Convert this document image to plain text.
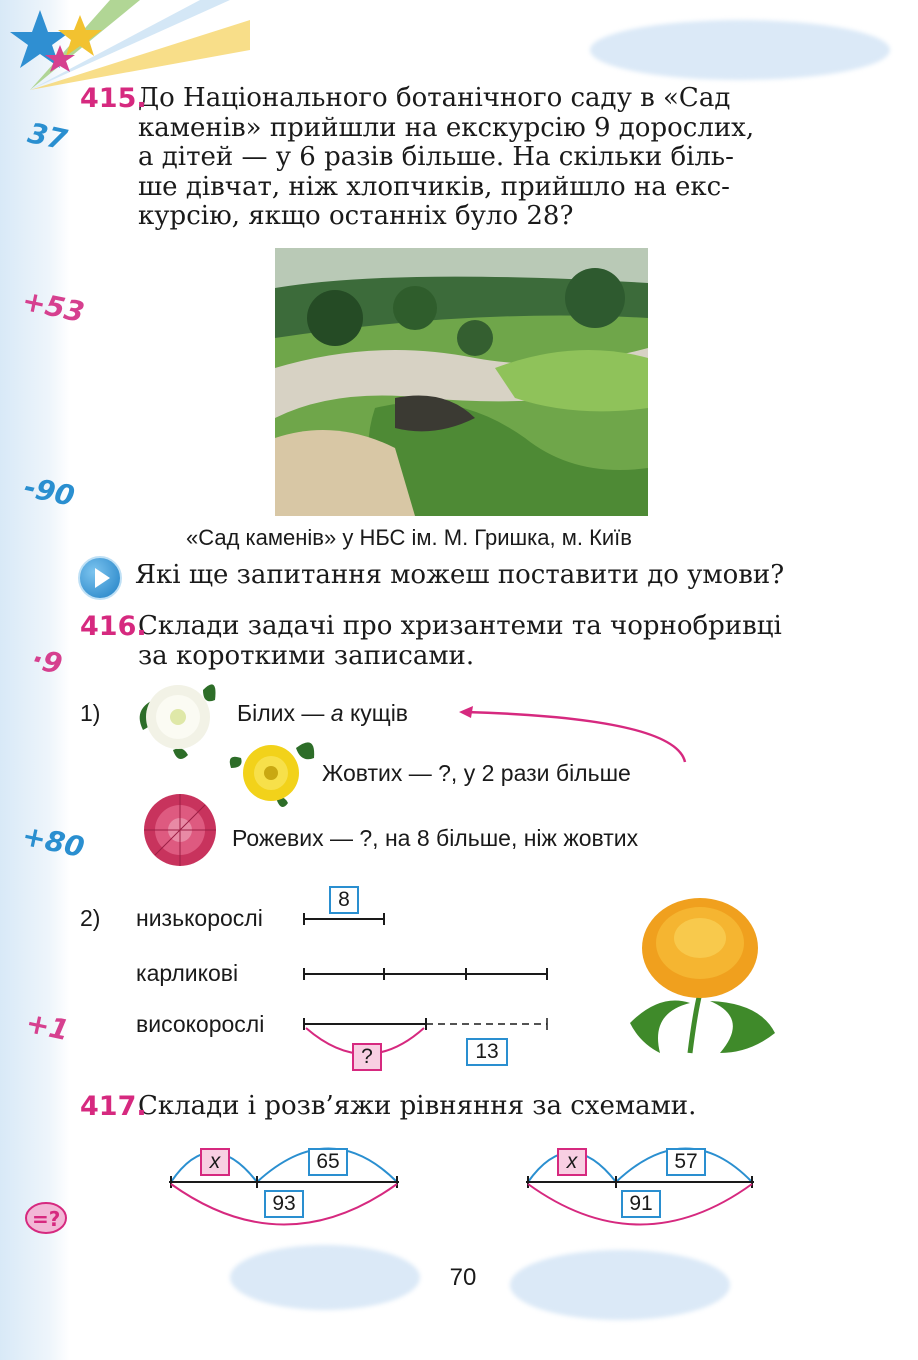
37
+53
-90
·9
+80
+1
=?
415.

До Національного ботанічного саду в «Сад

каменів» прийшли на екскурсію 9 дорослих,

а дітей — у 6 разів більше. На скільки біль-

ше дівчат, ніж хлопчиків, прийшло на екс-

курсію, якщо останніх було 28?

«Сад каменів» у НБС ім. М. Гришка, м. Київ
Які ще запитання можеш поставити до умови?
416.

Склади задачі про хризантеми та чорнобривці

за короткими записами.

1)	Білих — а кущів
Жовтих — ?, у 2 рази більше
Рожевих — ?, на 8 більше, ніж жовтих
2) низькорослі
карликові
високорослі
8
?	13
417.

Склади і розв’яжи рівняння за схемами.

x	65
93
x	57
91
70
